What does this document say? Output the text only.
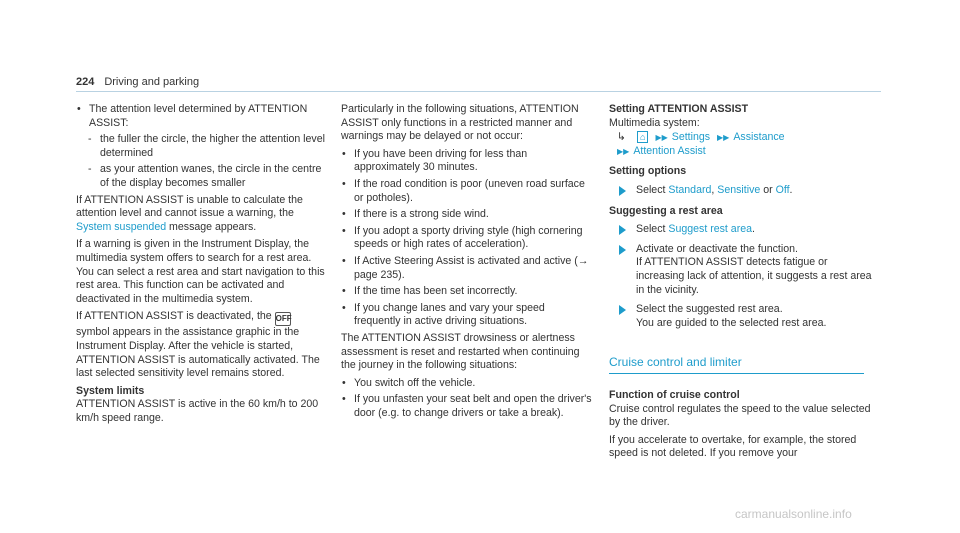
224 Driving and parking
• The attention level determined by ATTENTION ASSIST:
- the fuller the circle, the higher the attention level determined
- as your attention wanes, the circle in the centre of the display becomes smaller

If ATTENTION ASSIST is unable to calculate the attention level and cannot issue a warning, the System suspended message appears.

If a warning is given in the Instrument Display, the multimedia system offers to search for a rest area. You can select a rest area and start navigation to this rest area. This function can be activated and deactivated in the multimedia system.

If ATTENTION ASSIST is deactivated, the OFF symbol appears in the assistance graphic in the Instrument Display. After the vehicle is started, ATTENTION ASSIST is automatically activated. The last selected sensitivity level remains stored.

System limits

ATTENTION ASSIST is active in the 60 km/h to 200 km/h speed range.

Particularly in the following situations, ATTENTION ASSIST only functions in a restricted manner and warnings may be delayed or not occur:

• If you have been driving for less than approximately 30 minutes.
• If the road condition is poor (uneven road surface or potholes).
• If there is a strong side wind.
• If you adopt a sporty driving style (high cornering speeds or high rates of acceleration).
• If Active Steering Assist is activated and active (→ page 235).
• If the time has been set incorrectly.
• If you change lanes and vary your speed frequently in active driving situations.

The ATTENTION ASSIST drowsiness or alertness assessment is reset and restarted when continuing the journey in the following situations:

• You switch off the vehicle.
• If you unfasten your seat belt and open the driver's door (e.g. to change drivers or take a break).
Setting ATTENTION ASSIST
Multimedia system:
↳ ⌂ ▶▶ Settings ▶▶ Assistance
▶▶ Attention Assist
Setting options
Select Standard, Sensitive or Off.
Suggesting a rest area
Select Suggest rest area.
Activate or deactivate the function.
If ATTENTION ASSIST detects fatigue or increasing lack of attention, it suggests a rest area in the vicinity.
Select the suggested rest area.
You are guided to the selected rest area.
Cruise control and limiter
Function of cruise control

Cruise control regulates the speed to the value selected by the driver.

If you accelerate to overtake, for example, the stored speed is not deleted. If you remove your

carmanualsonline.info
